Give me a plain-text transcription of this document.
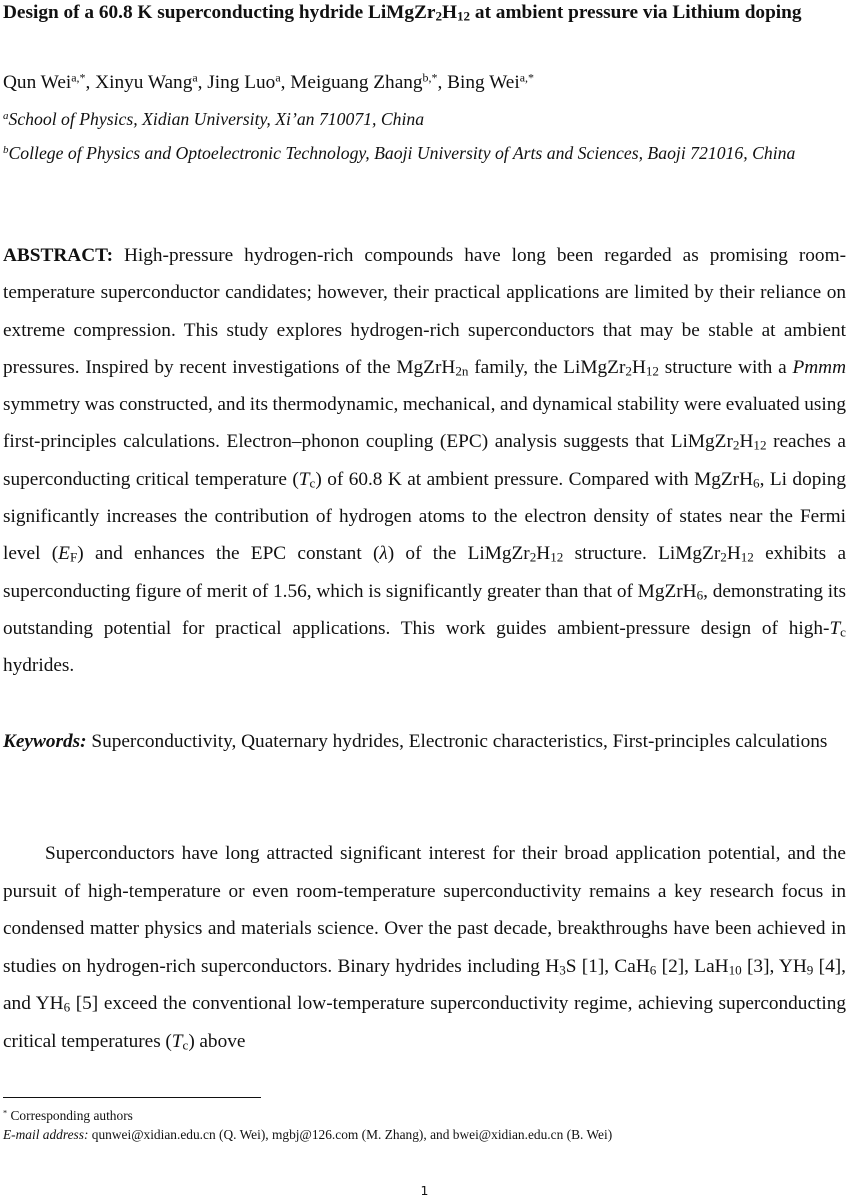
Design of a 60.8 K superconducting hydride $LiMgZr_2H_{12}$ at ambient pressure via Lithium doping
Qun Wei$^{a,*}$, Xinyu Wang$^a$, Jing Luo$^a$, Meiguang Zhang$^{b,*}$, Bing Wei$^{a,*}$
$^a$School of Physics, Xidian University, Xi’an 710071, China
$^b$College of Physics and Optoelectronic Technology, Baoji University of Arts and Sciences, Baoji 721016, China

ABSTRACT: High-pressure hydrogen-rich compounds have long been regarded as promising room-temperature superconductor candidates; however, their practical applications are limited by their reliance on extreme compression. This study explores hydrogen-rich superconductors that may be stable at ambient pressures. Inspired by recent investigations of the MgZrH$_{2n}$ family, the $LiMgZr_2H_{12}$ structure with a Pmmm symmetry was constructed, and its thermodynamic, mechanical, and dynamical stability were evaluated using first-principles calculations. Electron–phonon coupling (EPC) analysis suggests that $LiMgZr_2H_{12}$ reaches a superconducting critical temperature $(T_c)$ of 60.8 K at ambient pressure. Compared with MgZrH$_6$, Li doping significantly increases the contribution of hydrogen atoms to the electron density of states near the Fermi level $(E_F)$ and enhances the EPC constant (λ) of the $LiMgZr_2H_{12}$ structure. $LiMgZr_2H_{12}$ exhibits a superconducting figure of merit of 1.56, which is significantly greater than that of MgZrH$_6$, demonstrating its outstanding potential for practical applications. This work guides ambient-pressure design of high-$T_c$ hydrides.

Keywords: Superconductivity, Quaternary hydrides, Electronic characteristics, First-principles calculations

Superconductors have long attracted significant interest for their broad application potential, and the pursuit of high-temperature or even room-temperature superconductivity remains a key research focus in condensed matter physics and materials science. Over the past decade, breakthroughs have been achieved in studies on hydrogen-rich superconductors. Binary hydrides including $H_3S$ [1], CaH$_6$ [2], LaH$_{10}$ [3], $YH_9$ [4], and $YH_6$ [5] exceed the conventional low-temperature superconductivity regime, achieving superconducting critical temperatures $(T_c)$ above

* Corresponding authors
E-mail address: qunwei@xidian.edu.cn (Q. Wei), mgbj@126.com (M. Zhang), and bwei@xidian.edu.cn (B. Wei)
1
